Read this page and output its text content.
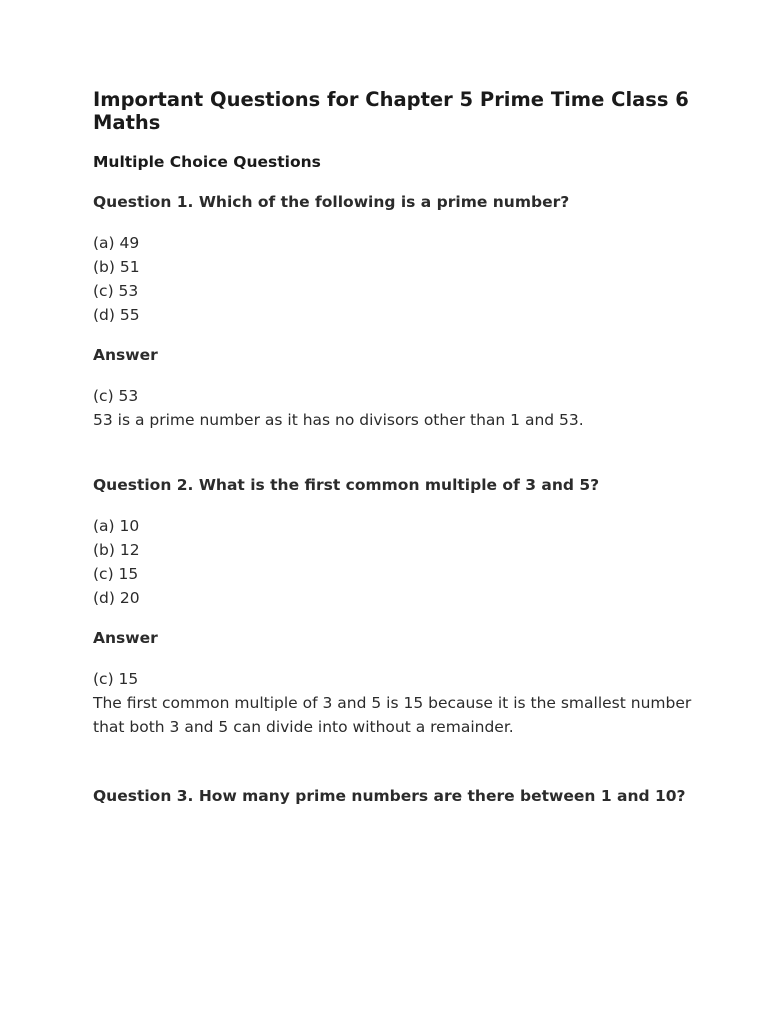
Important Questions for Chapter 5 Prime Time Class 6 Maths
Multiple Choice Questions

Question 1. Which of the following is a prime number?

(a) 49
(b) 51
(c) 53
(d) 55

Answer

(c) 53

53 is a prime number as it has no divisors other than 1 and 53.

Question 2. What is the first common multiple of 3 and 5?

(a) 10
(b) 12
(c) 15
(d) 20

Answer

(c) 15

The first common multiple of 3 and 5 is 15 because it is the smallest number that both 3 and 5 can divide into without a remainder.

Question 3. How many prime numbers are there between 1 and 10?
